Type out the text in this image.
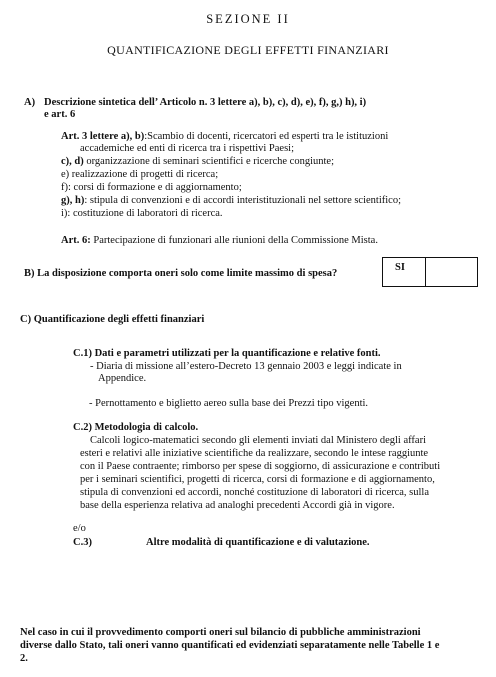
SEZIONE II
QUANTIFICAZIONE DEGLI EFFETTI FINANZIARI
A) Descrizione sintetica dell’ Articolo n. 3 lettere a), b), c), d), e), f), g,) h), i)
e art. 6
Art. 3 lettere a), b):Scambio di docenti, ricercatori ed esperti tra le istituzioni
accademiche ed enti di ricerca tra i rispettivi Paesi;
c), d) organizzazione di seminari scientifici e ricerche congiunte;
e) realizzazione di progetti di ricerca;
f): corsi di formazione e di aggiornamento;
g), h): stipula di convenzioni e di accordi interistituzionali nel settore scientifico;
i): costituzione di laboratori di ricerca.
Art. 6: Partecipazione di funzionari alle riunioni della Commissione Mista.
B) La disposizione comporta oneri solo come limite massimo di spesa?
SI
C) Quantificazione degli effetti finanziari
C.1) Dati e parametri utilizzati per la quantificazione e relative fonti.
- Diaria di missione all’estero-Decreto 13 gennaio 2003 e leggi indicate in
Appendice.
- Pernottamento e biglietto aereo sulla base dei Prezzi tipo vigenti.
C.2) Metodologia di calcolo.
Calcoli logico-matematici secondo gli elementi inviati dal Ministero degli affari
esteri e relativi alle iniziative scientifiche da realizzare, secondo le intese raggiunte
con il Paese contraente; rimborso per spese di soggiorno, di assicurazione e contributi
per i seminari scientifici, progetti di ricerca, corsi di formazione e di aggiornamento,
stipula di convenzioni ed accordi, nonché costituzione di laboratori di ricerca, sulla
base della esperienza relativa ad analoghi precedenti Accordi già in vigore.
e/o
C.3)	Altre modalità di quantificazione e di valutazione.
Nel caso in cui il provvedimento comporti oneri sul bilancio di pubbliche amministrazioni
diverse dallo Stato, tali oneri vanno quantificati ed evidenziati separatamente nelle Tabelle 1 e
2.
